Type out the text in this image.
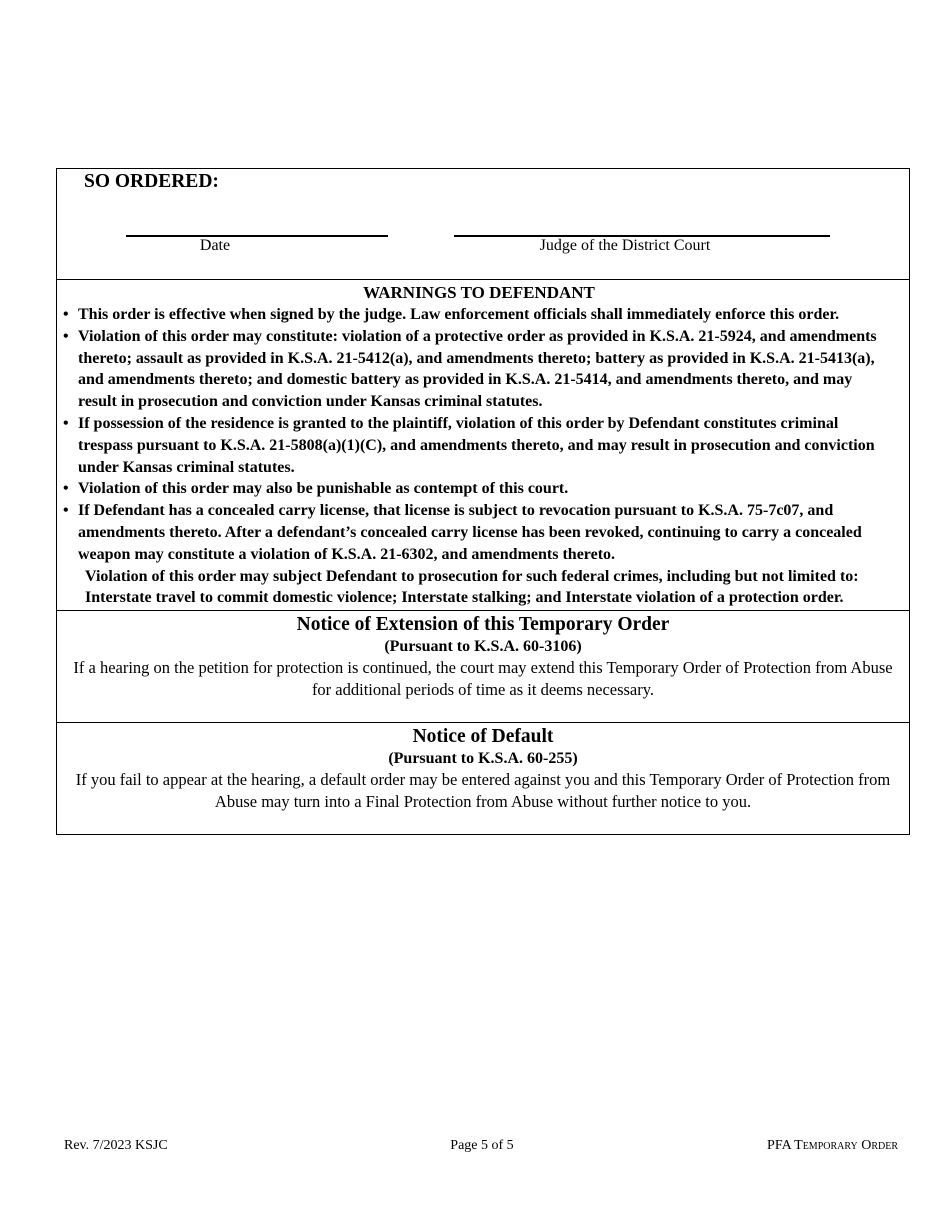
SO ORDERED:
Date	Judge of the District Court
WARNINGS TO DEFENDANT
• This order is effective when signed by the judge. Law enforcement officials shall immediately enforce this order.
• Violation of this order may constitute: violation of a protective order as provided in K.S.A. 21-5924, and amendments thereto; assault as provided in K.S.A. 21-5412(a), and amendments thereto; battery as provided in K.S.A. 21-5413(a), and amendments thereto; and domestic battery as provided in K.S.A. 21-5414, and amendments thereto, and may result in prosecution and conviction under Kansas criminal statutes.
• If possession of the residence is granted to the plaintiff, violation of this order by Defendant constitutes criminal trespass pursuant to K.S.A. 21-5808(a)(1)(C), and amendments thereto, and may result in prosecution and conviction under Kansas criminal statutes.
• Violation of this order may also be punishable as contempt of this court.
• If Defendant has a concealed carry license, that license is subject to revocation pursuant to K.S.A. 75-7c07, and amendments thereto. After a defendant’s concealed carry license has been revoked, continuing to carry a concealed weapon may constitute a violation of K.S.A. 21-6302, and amendments thereto.
Violation of this order may subject Defendant to prosecution for such federal crimes, including but not limited to: Interstate travel to commit domestic violence; Interstate stalking; and Interstate violation of a protection order.
Notice of Extension of this Temporary Order
(Pursuant to K.S.A. 60-3106)
If a hearing on the petition for protection is continued, the court may extend this Temporary Order of Protection from Abuse for additional periods of time as it deems necessary.
Notice of Default
(Pursuant to K.S.A. 60-255)
If you fail to appear at the hearing, a default order may be entered against you and this Temporary Order of Protection from Abuse may turn into a Final Protection from Abuse without further notice to you.
Rev. 7/2023 KSJC	Page 5 of 5	PFA Temporary Order
